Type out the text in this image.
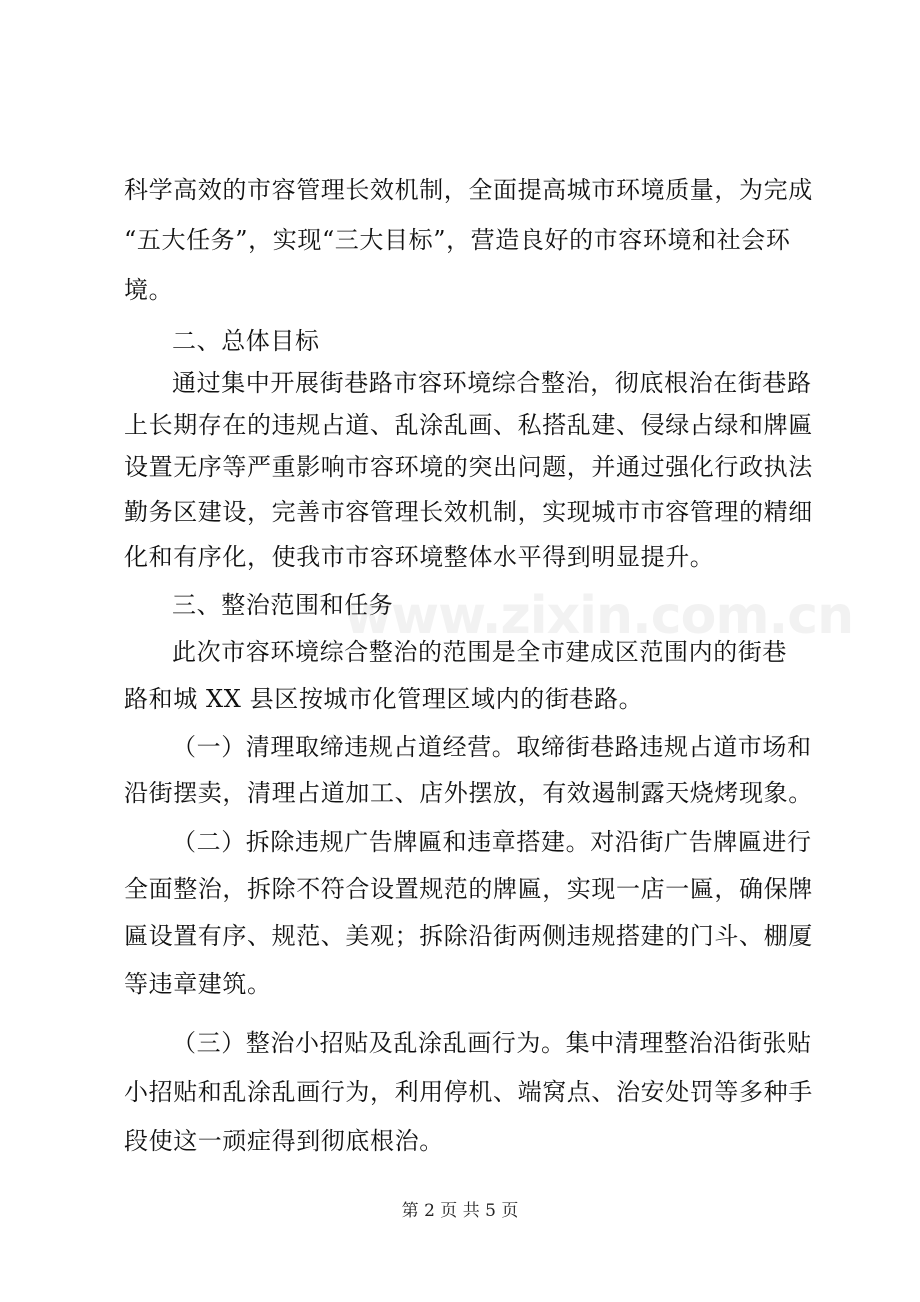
www.zixin.com.cn
科学高效的市容管理长效机制，全面提高城市环境质量，为完成
“五大任务”，实现“三大目标”，营造良好的市容环境和社会环
境。
二、总体目标
通过集中开展街巷路市容环境综合整治，彻底根治在街巷路
上长期存在的违规占道、乱涂乱画、私搭乱建、侵绿占绿和牌匾
设置无序等严重影响市容环境的突出问题，并通过强化行政执法
勤务区建设，完善市容管理长效机制，实现城市市容管理的精细
化和有序化，使我市市容环境整体水平得到明显提升。
三、整治范围和任务
此次市容环境综合整治的范围是全市建成区范围内的街巷
路和城 XX 县区按城市化管理区域内的街巷路。
（一）清理取缔违规占道经营。取缔街巷路违规占道市场和
沿街摆卖，清理占道加工、店外摆放，有效遏制露天烧烤现象。
（二）拆除违规广告牌匾和违章搭建。对沿街广告牌匾进行
全面整治，拆除不符合设置规范的牌匾，实现一店一匾，确保牌
匾设置有序、规范、美观；拆除沿街两侧违规搭建的门斗、棚厦
等违章建筑。
（三）整治小招贴及乱涂乱画行为。集中清理整治沿街张贴
小招贴和乱涂乱画行为，利用停机、端窝点、治安处罚等多种手
段使这一顽症得到彻底根治。
第 2 页 共 5 页
